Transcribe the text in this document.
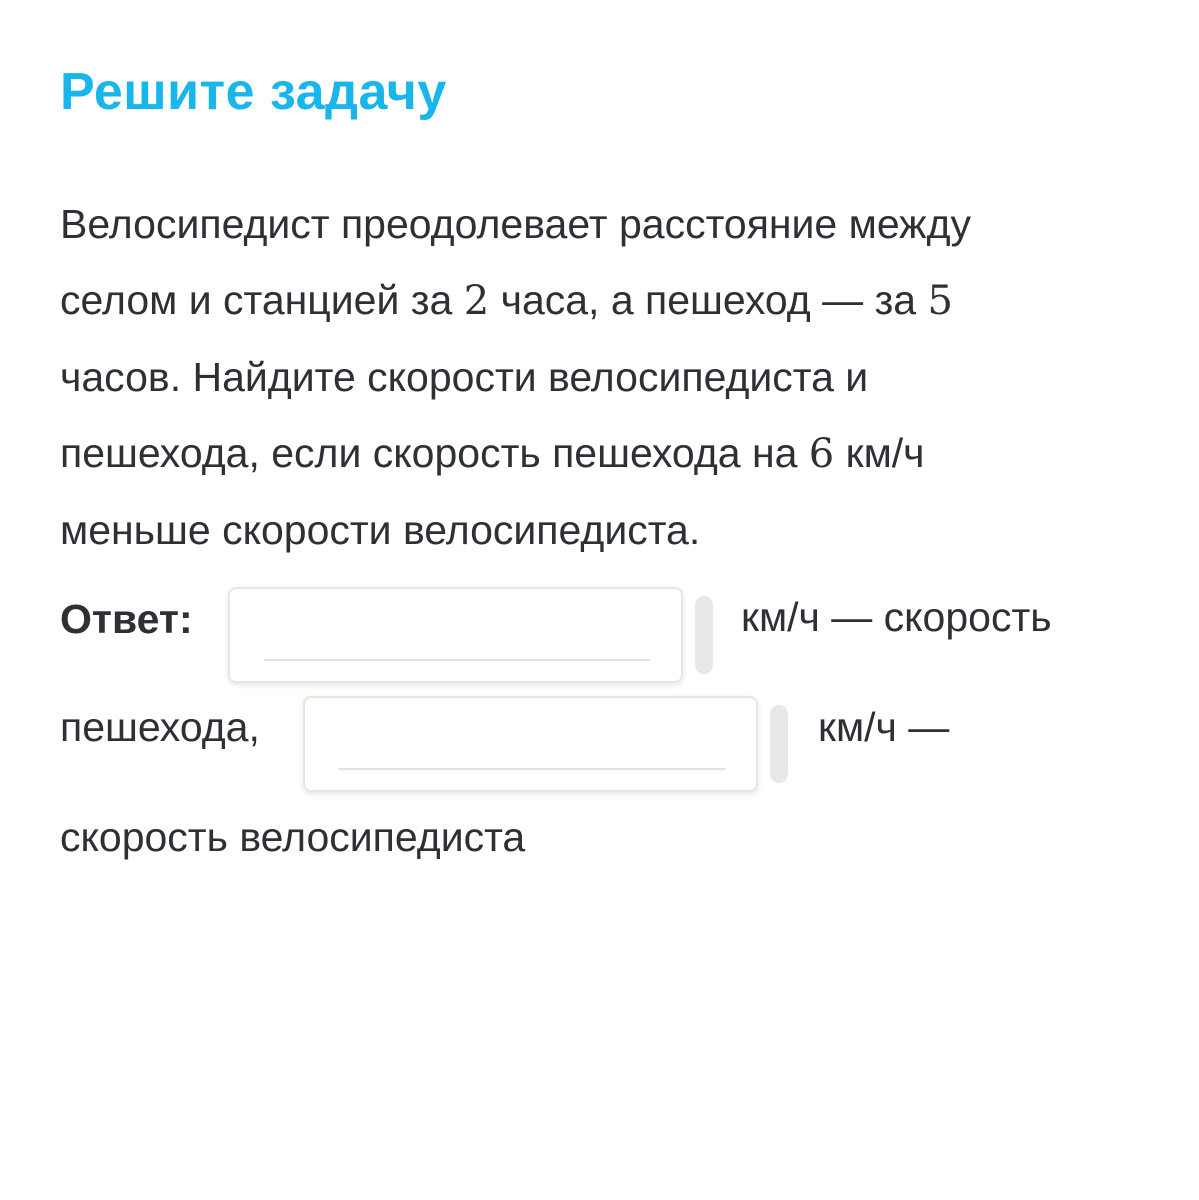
Решите задачу
Велосипедист преодолевает расстояние между
селом и станцией за 2 часа, а пешеход — за 5
часов. Найдите скорости велосипедиста и
пешехода, если скорость пешехода на 6 км/ч
меньше скорости велосипедиста.
Ответ:	км/ч — скорость
пешехода,	км/ч —
скорость велосипедиста
